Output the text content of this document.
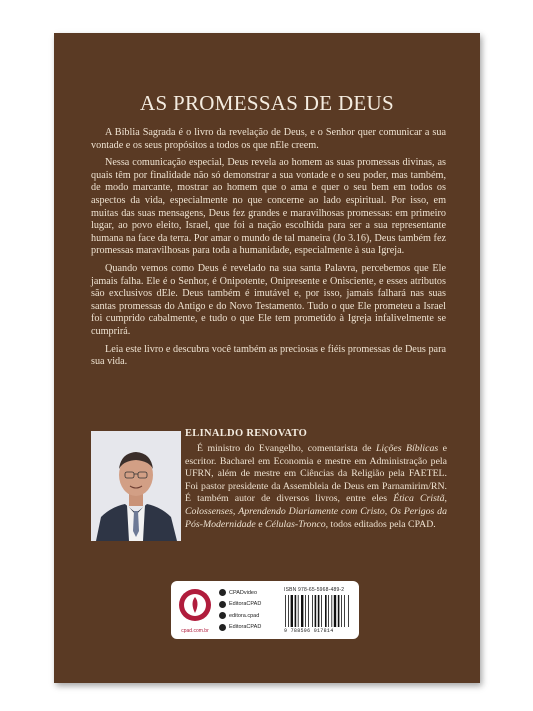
AS PROMESSAS DE DEUS

A Bíblia Sagrada é o livro da revelação de Deus, e o Senhor quer comunicar a sua vontade e os seus propósitos a todos os que nEle creem.

Nessa comunicação especial, Deus revela ao homem as suas promessas divinas, as quais têm por finalidade não só demonstrar a sua vontade e o seu poder, mas também, de modo marcante, mostrar ao homem que o ama e quer o seu bem em todos os aspectos da vida, especialmente no que concerne ao lado espiritual. Por isso, em muitas das suas mensagens, Deus fez grandes e maravilhosas promessas: em primeiro lugar, ao povo eleito, Israel, que foi a nação escolhida para ser a sua representante humana na face da terra. Por amar o mundo de tal maneira (Jo 3.16), Deus também fez promessas maravilhosas para toda a humanidade, especialmente à sua Igreja.

Quando vemos como Deus é revelado na sua santa Palavra, percebemos que Ele jamais falha. Ele é o Senhor, é Onipotente, Onipresente e Onisciente, e esses atributos são exclusivos dEle. Deus também é imutável e, por isso, jamais falhará nas suas santas promessas do Antigo e do Novo Testamento. Tudo o que Ele prometeu a Israel foi cumprido cabalmente, e tudo o que Ele tem prometido à Igreja infalivelmente se cumprirá.

Leia este livro e descubra você também as preciosas e fiéis promessas de Deus para sua vida.

ELINALDO RENOVATO

É ministro do Evangelho, comentarista de Lições Bíblicas e escritor. Bacharel em Economia e mestre em Administração pela UFRN, além de mestre em Ciências da Religião pela FAETEL. Foi pastor presidente da Assembleia de Deus em Parnamirim/RN. É também autor de diversos livros, entre eles Ética Cristã, Colossenses, Aprendendo Diariamente com Cristo, Os Perigos da Pós-Modernidade e Células-Tronco, todos editados pela CPAD.

cpad.com.br
CPADvideo
EditoraCPAD
editora.cpad
EditoraCPAD
ISBN 978-65-5968-489-2
9 788596 017814
